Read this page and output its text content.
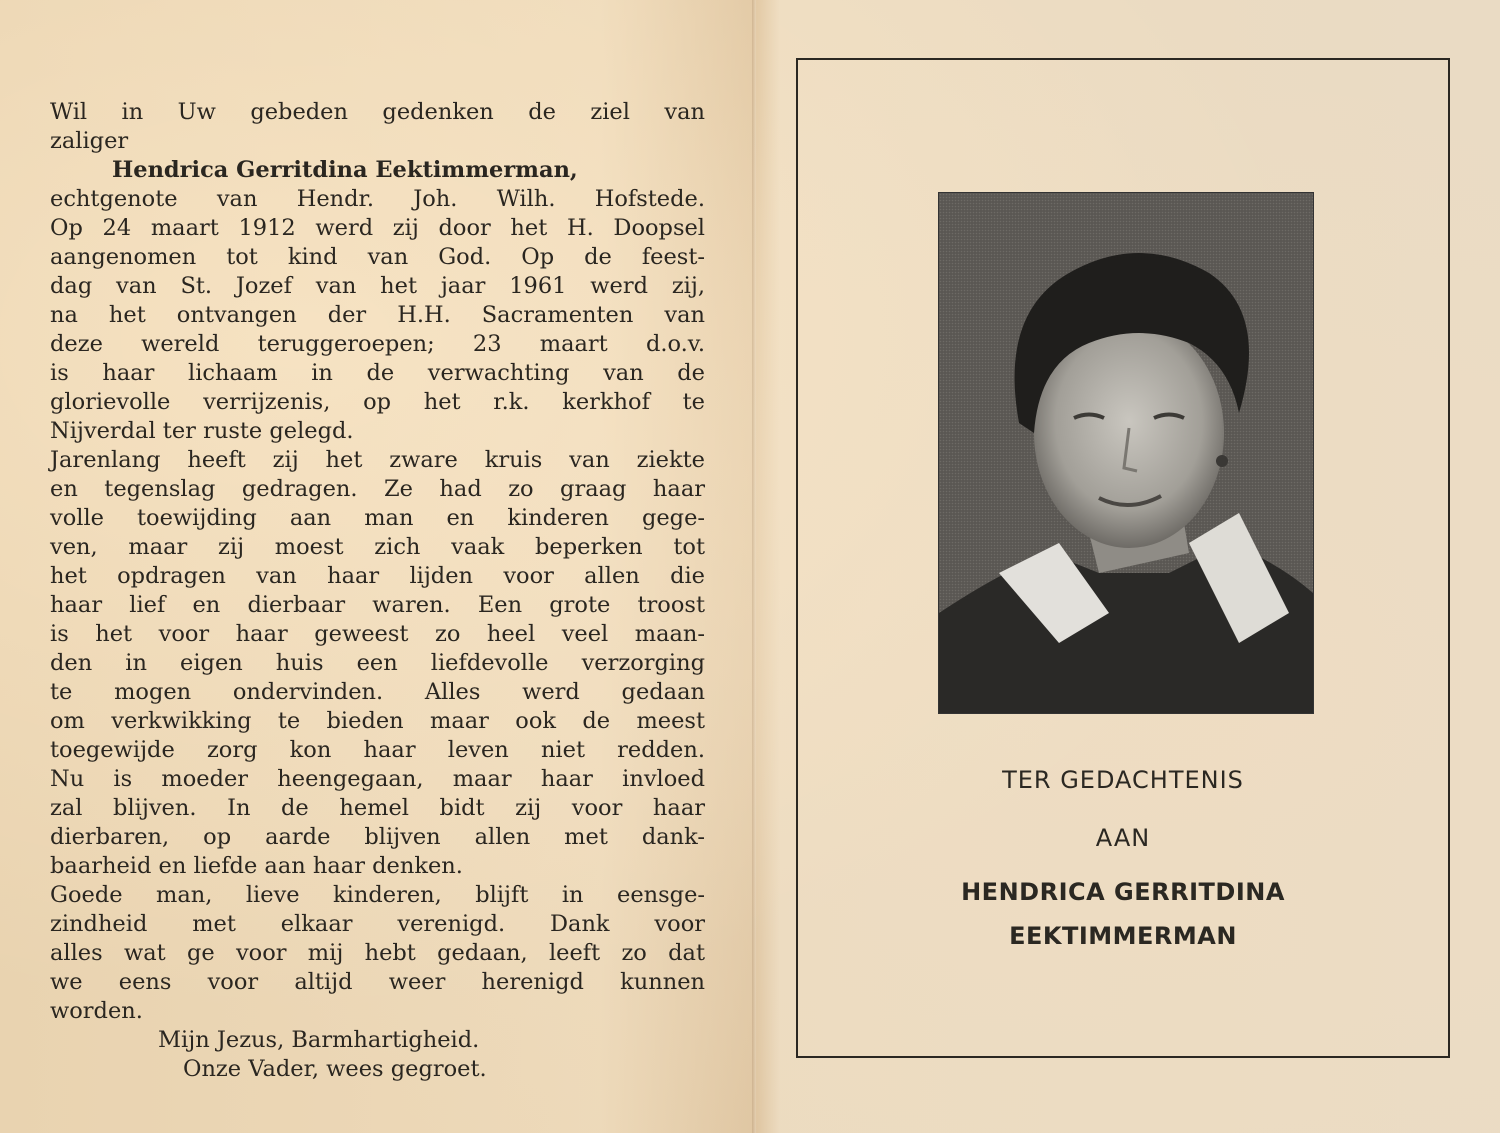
Wil in Uw gebeden gedenken de ziel van

zaliger

Hendrica Gerritdina Eektimmerman,

echtgenote van Hendr. Joh. Wilh. Hofstede.

Op 24 maart 1912 werd zij door het H. Doopsel

aangenomen tot kind van God. Op de feest-

dag van St. Jozef van het jaar 1961 werd zij,

na het ontvangen der H.H. Sacramenten van

deze wereld teruggeroepen; 23 maart d.o.v.

is haar lichaam in de verwachting van de

glorievolle verrijzenis, op het r.k. kerkhof te

Nijverdal ter ruste gelegd.

Jarenlang heeft zij het zware kruis van ziekte

en tegenslag gedragen. Ze had zo graag haar

volle toewijding aan man en kinderen gege-

ven, maar zij moest zich vaak beperken tot

het opdragen van haar lijden voor allen die

haar lief en dierbaar waren. Een grote troost

is het voor haar geweest zo heel veel maan-

den in eigen huis een liefdevolle verzorging

te mogen ondervinden. Alles werd gedaan

om verkwikking te bieden maar ook de meest

toegewijde zorg kon haar leven niet redden.

Nu is moeder heengegaan, maar haar invloed

zal blijven. In de hemel bidt zij voor haar

dierbaren, op aarde blijven allen met dank-

baarheid en liefde aan haar denken.

Goede man, lieve kinderen, blijft in eensge-

zindheid met elkaar verenigd. Dank voor

alles wat ge voor mij hebt gedaan, leeft zo dat

we eens voor altijd weer herenigd kunnen

worden.

Mijn Jezus, Barmhartigheid.

Onze Vader, wees gegroet.

TER GEDACHTENIS
AAN
HENDRICA GERRITDINA
EEKTIMMERMAN
